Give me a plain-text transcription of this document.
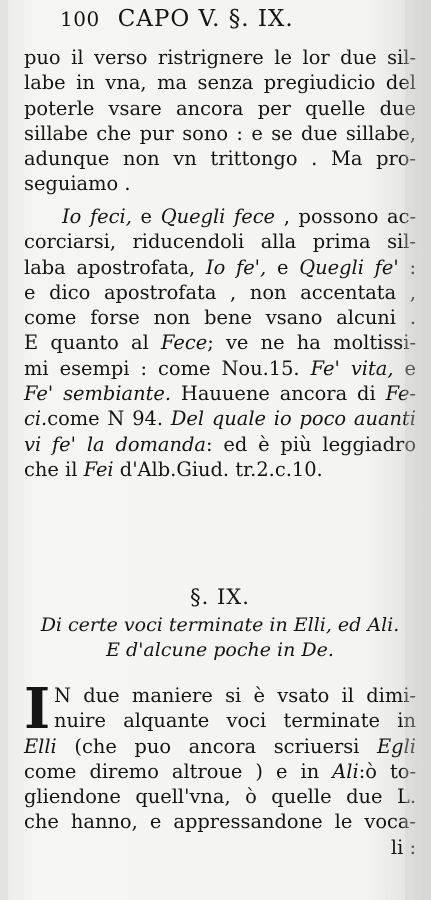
100 CAPO V. §. IX.
puo il verso ristrignere le lor due sil-
labe in vna, ma senza pregiudicio del
poterle vsare ancora per quelle due
sillabe che pur sono : e se due sillabe,
adunque non vn trittongo . Ma pro-
seguiamo .
Io feci, e Quegli fece , possono ac-
corciarsi, riducendoli alla prima sil-
laba apostrofata, Io fe', e Quegli fe' :
e dico apostrofata , non accentata ,
come forse non bene vsano alcuni .
E quanto al Fece; ve ne ha moltissi-
mi esempi : come Nou.15. Fe' vita, e
Fe' sembiante. Hauuene ancora di Fe-
ci.come N 94. Del quale io poco auanti
vi fe' la domanda: ed è più leggiadro
che il Fei d'Alb.Giud. tr.2.c.10.
§. IX.
Di certe voci terminate in Elli, ed Ali.
E d'alcune poche in De.
I N due maniere si è vsato il dimi-
nuire alquante voci terminate in
Elli (che puo ancora scriuersi Egli
come diremo altroue ) e in Ali:ò to-
gliendone quell'vna, ò quelle due L.
che hanno, e appressandone le voca-
li :
